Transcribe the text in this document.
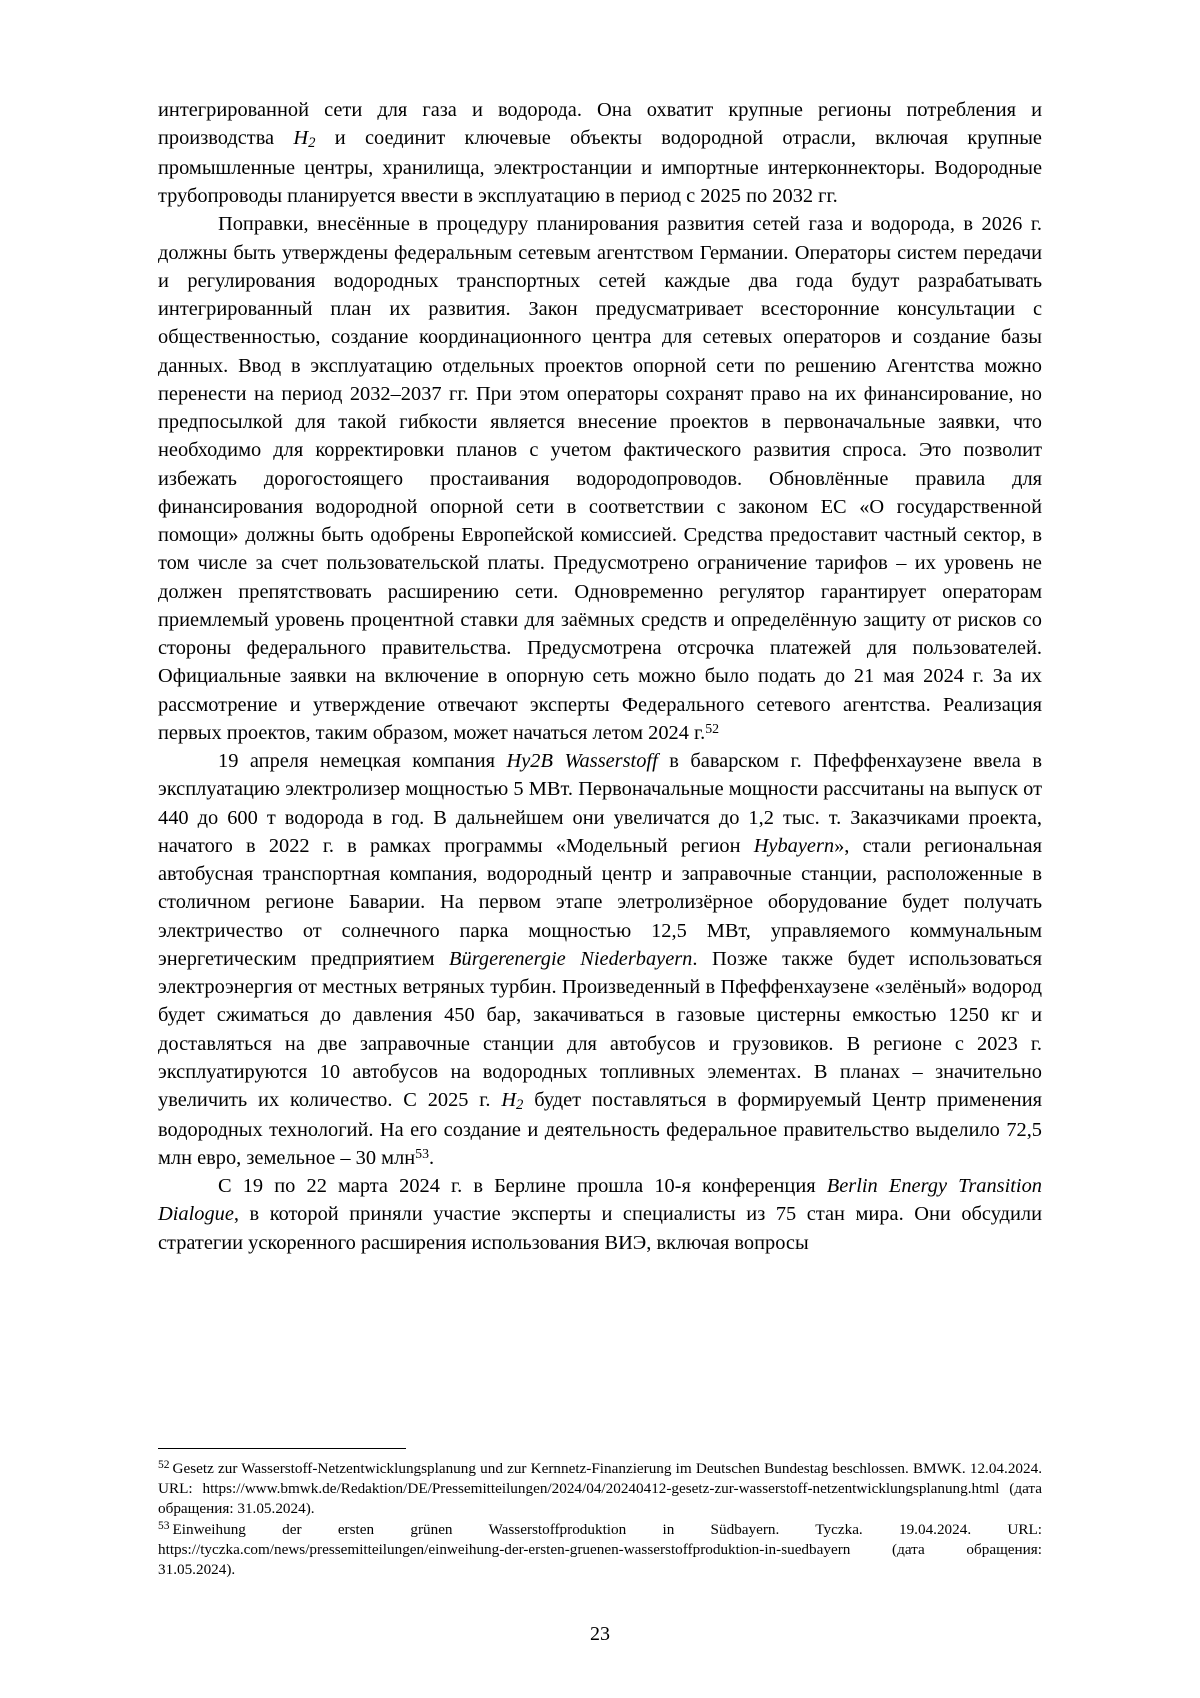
интегрированной сети для газа и водорода. Она охватит крупные регионы потребления и производства $H_2$ и соединит ключевые объекты водородной отрасли, включая крупные промышленные центры, хранилища, электростанции и импортные интерконнекторы. Водородные трубопроводы планируется ввести в эксплуатацию в период с 2025 по 2032 гг.

Поправки, внесённые в процедуру планирования развития сетей газа и водорода, в 2026 г. должны быть утверждены федеральным сетевым агентством Германии. Операторы систем передачи и регулирования водородных транспортных сетей каждые два года будут разрабатывать интегрированный план их развития. Закон предусматривает всесторонние консультации с общественностью, создание координационного центра для сетевых операторов и создание базы данных. Ввод в эксплуатацию отдельных проектов опорной сети по решению Агентства можно перенести на период 2032–2037 гг. При этом операторы сохранят право на их финансирование, но предпосылкой для такой гибкости является внесение проектов в первоначальные заявки, что необходимо для корректировки планов с учетом фактического развития спроса. Это позволит избежать дорогостоящего простаивания водородопроводов. Обновлённые правила для финансирования водородной опорной сети в соответствии с законом ЕС «О государственной помощи» должны быть одобрены Европейской комиссией. Средства предоставит частный сектор, в том числе за счет пользовательской платы. Предусмотрено ограничение тарифов – их уровень не должен препятствовать расширению сети. Одновременно регулятор гарантирует операторам приемлемый уровень процентной ставки для заёмных средств и определённую защиту от рисков со стороны федерального правительства. Предусмотрена отсрочка платежей для пользователей. Официальные заявки на включение в опорную сеть можно было подать до 21 мая 2024 г. За их рассмотрение и утверждение отвечают эксперты Федерального сетевого агентства. Реализация первых проектов, таким образом, может начаться летом 2024 г.$^{52}$

19 апреля немецкая компания Hy2B Wasserstoff в баварском г. Пфеффенхаузене ввела в эксплуатацию электролизер мощностью 5 МВт. Первоначальные мощности рассчитаны на выпуск от 440 до 600 т водорода в год. В дальнейшем они увеличатся до 1,2 тыс. т. Заказчиками проекта, начатого в 2022 г. в рамках программы «Модельный регион Hybayern», стали региональная автобусная транспортная компания, водородный центр и заправочные станции, расположенные в столичном регионе Баварии. На первом этапе элетролизёрное оборудование будет получать электричество от солнечного парка мощностью 12,5 МВт, управляемого коммунальным энергетическим предприятием Bürgerenergie Niederbayern. Позже также будет использоваться электроэнергия от местных ветряных турбин. Произведенный в Пфеффенхаузене «зелёный» водород будет сжиматься до давления 450 бар, закачиваться в газовые цистерны емкостью 1250 кг и доставляться на две заправочные станции для автобусов и грузовиков. В регионе с 2023 г. эксплуатируются 10 автобусов на водородных топливных элементах. В планах – значительно увеличить их количество. С 2025 г. $H_2$ будет поставляться в формируемый Центр применения водородных технологий. На его создание и деятельность федеральное правительство выделило 72,5 млн евро, земельное – 30 млн$^{53}$.

С 19 по 22 марта 2024 г. в Берлине прошла 10-я конференция Berlin Energy Transition Dialogue, в которой приняли участие эксперты и специалисты из 75 стан мира. Они обсудили стратегии ускоренного расширения использования ВИЭ, включая вопросы

$^{52}$ Gesetz zur Wasserstoff-Netzentwicklungsplanung und zur Kernnetz-Finanzierung im Deutschen Bundestag beschlossen. BMWK. 12.04.2024. URL: https://www.bmwk.de/Redaktion/DE/Pressemitteilungen/2024/04/20240412-gesetz-zur-wasserstoff-netzentwicklungsplanung.html (дата обращения: 31.05.2024).

$^{53}$ Einweihung der ersten grünen Wasserstoffproduktion in Südbayern. Tyczka. 19.04.2024. URL: https://tyczka.com/news/pressemitteilungen/einweihung-der-ersten-gruenen-wasserstoffproduktion-in-suedbayern (дата обращения: 31.05.2024).

23
